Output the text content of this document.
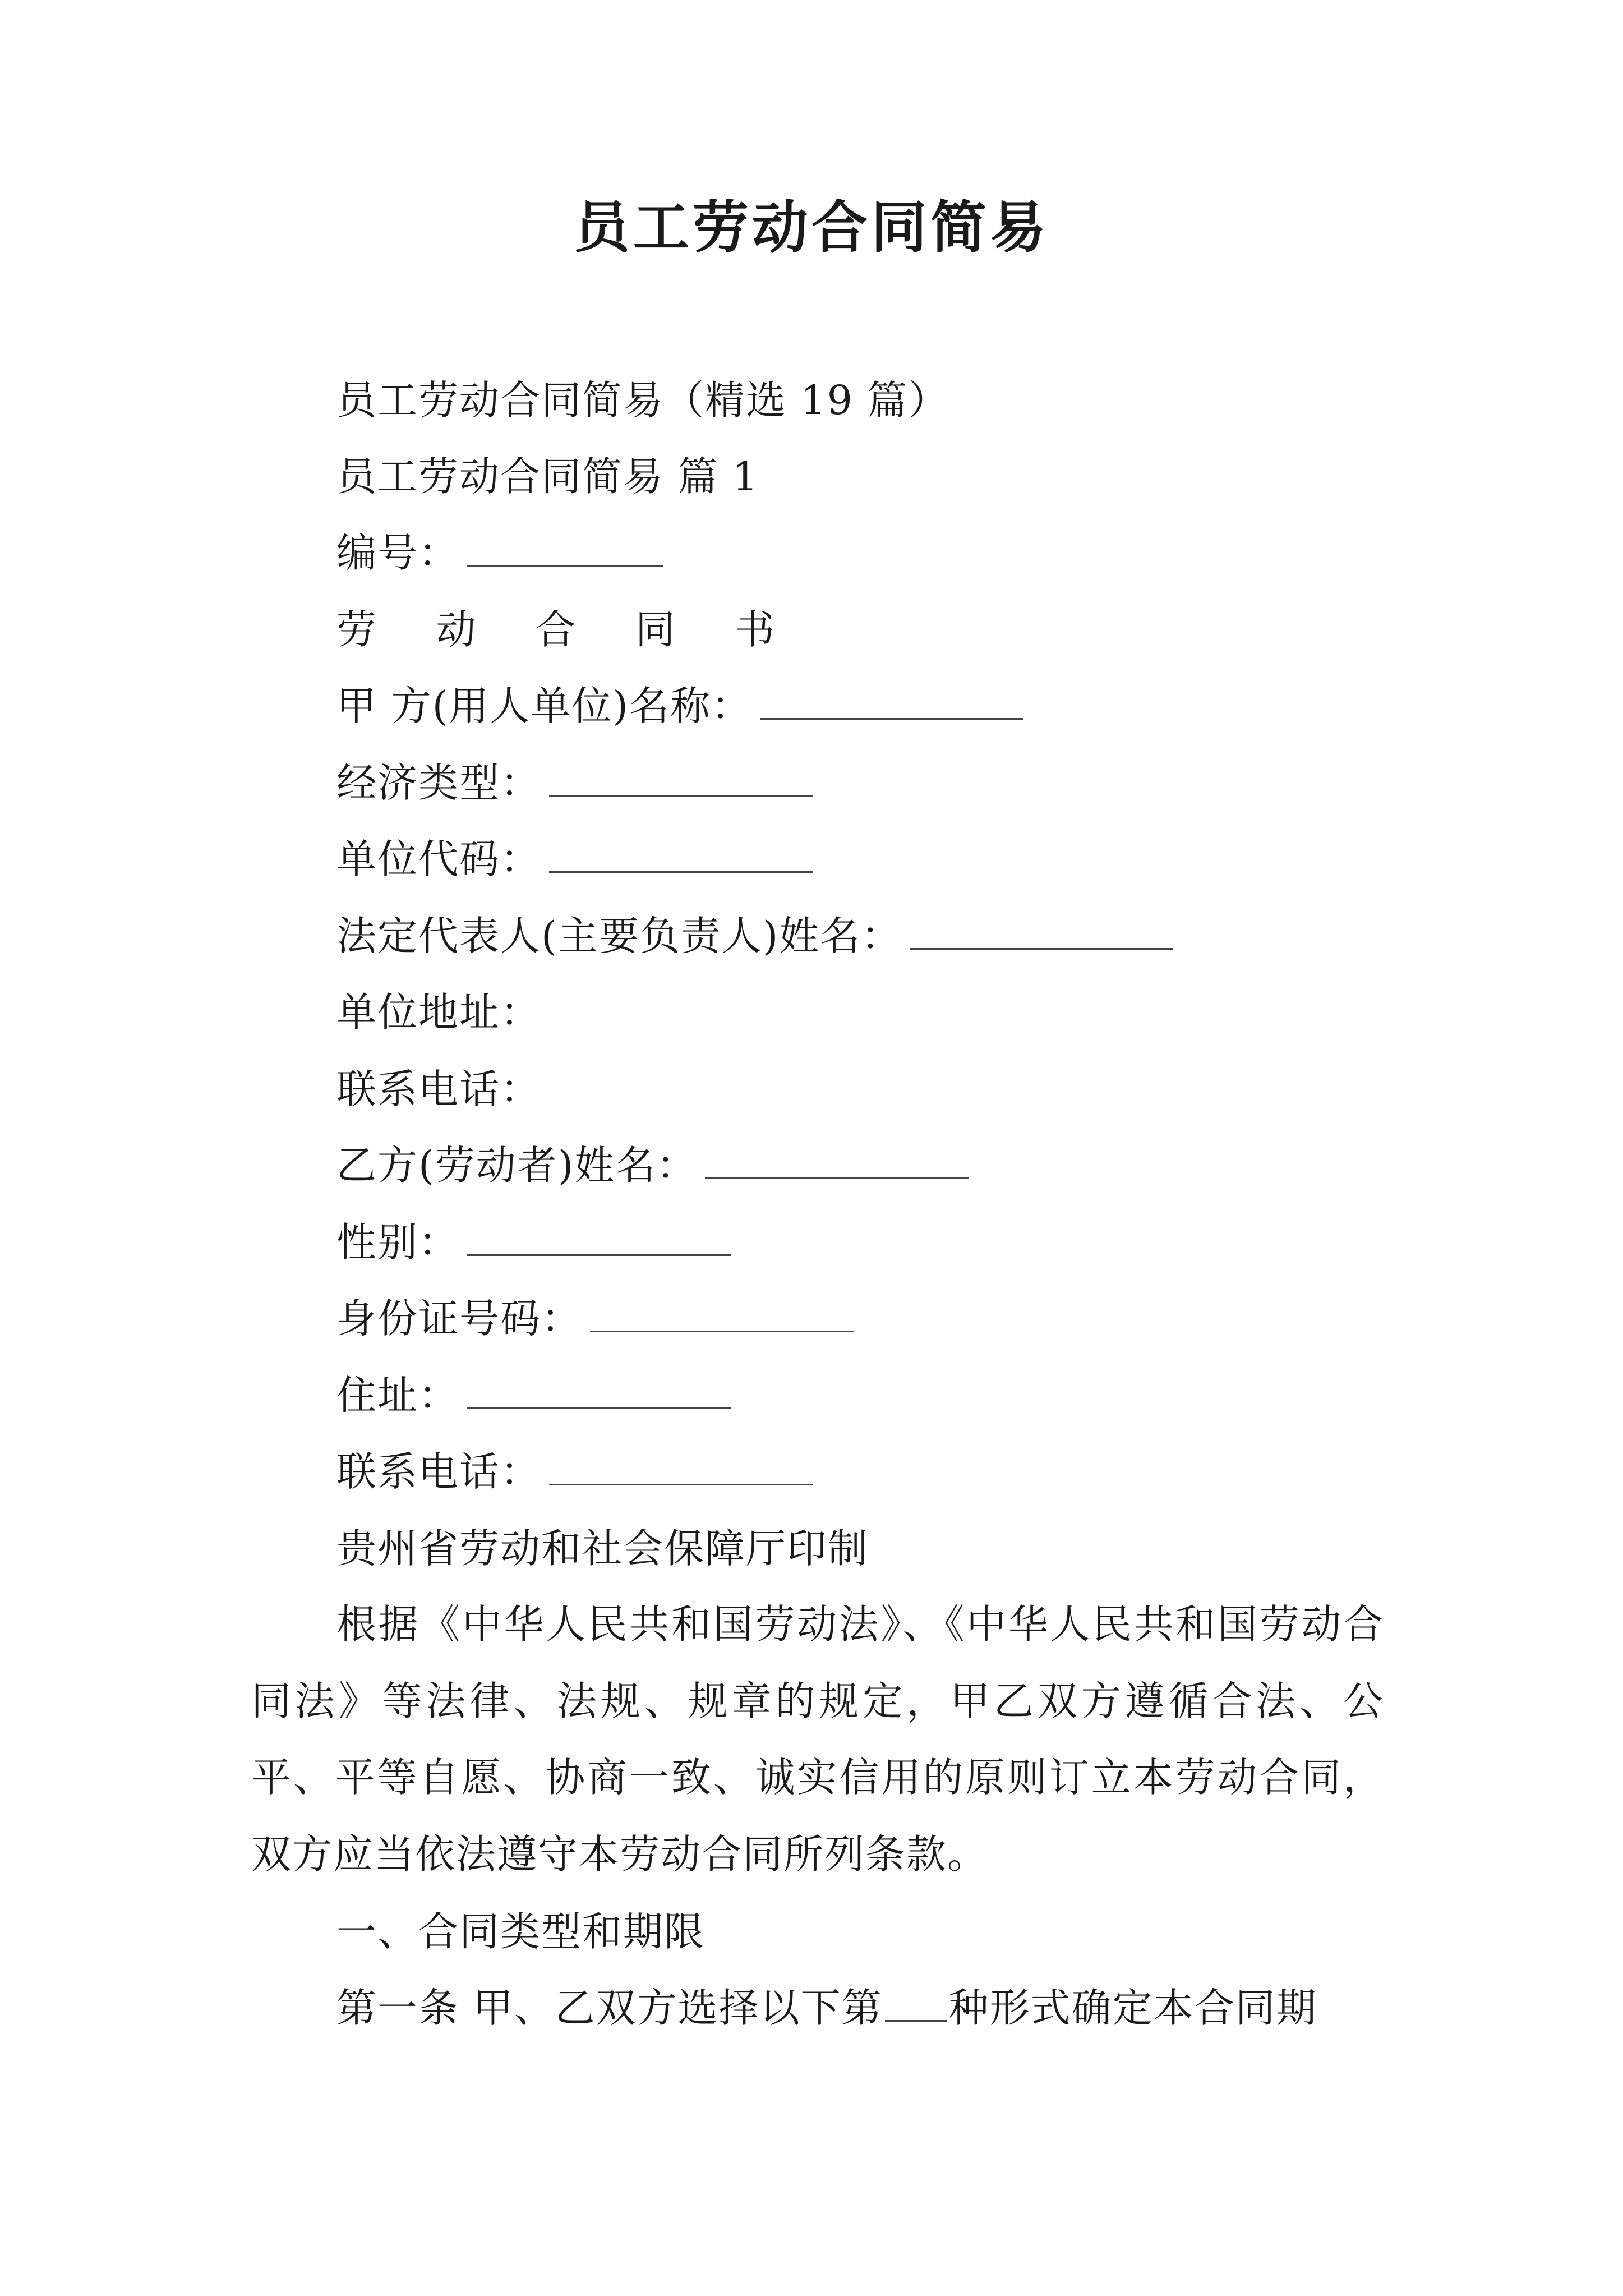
员工劳动合同简易
员工劳动合同简易（精选 19 篇）
员工劳动合同简易 篇 1
编号：
劳 动 合 同 书
甲 方(用人单位)名称：
经济类型：
单位代码：
法定代表人(主要负责人)姓名：
单位地址：
联系电话：
乙方(劳动者)姓名：
性别：
身份证号码：
住址：
联系电话：
贵州省劳动和社会保障厅印制
根据《中华人民共和国劳动法》、《中华人民共和国劳动合同法》等法律、法规、规章的规定，甲乙双方遵循合法、公平、平等自愿、协商一致、诚实信用的原则订立本劳动合同，双方应当依法遵守本劳动合同所列条款。
一、合同类型和期限
第一条 甲、乙双方选择以下第 种形式确定本合同期
